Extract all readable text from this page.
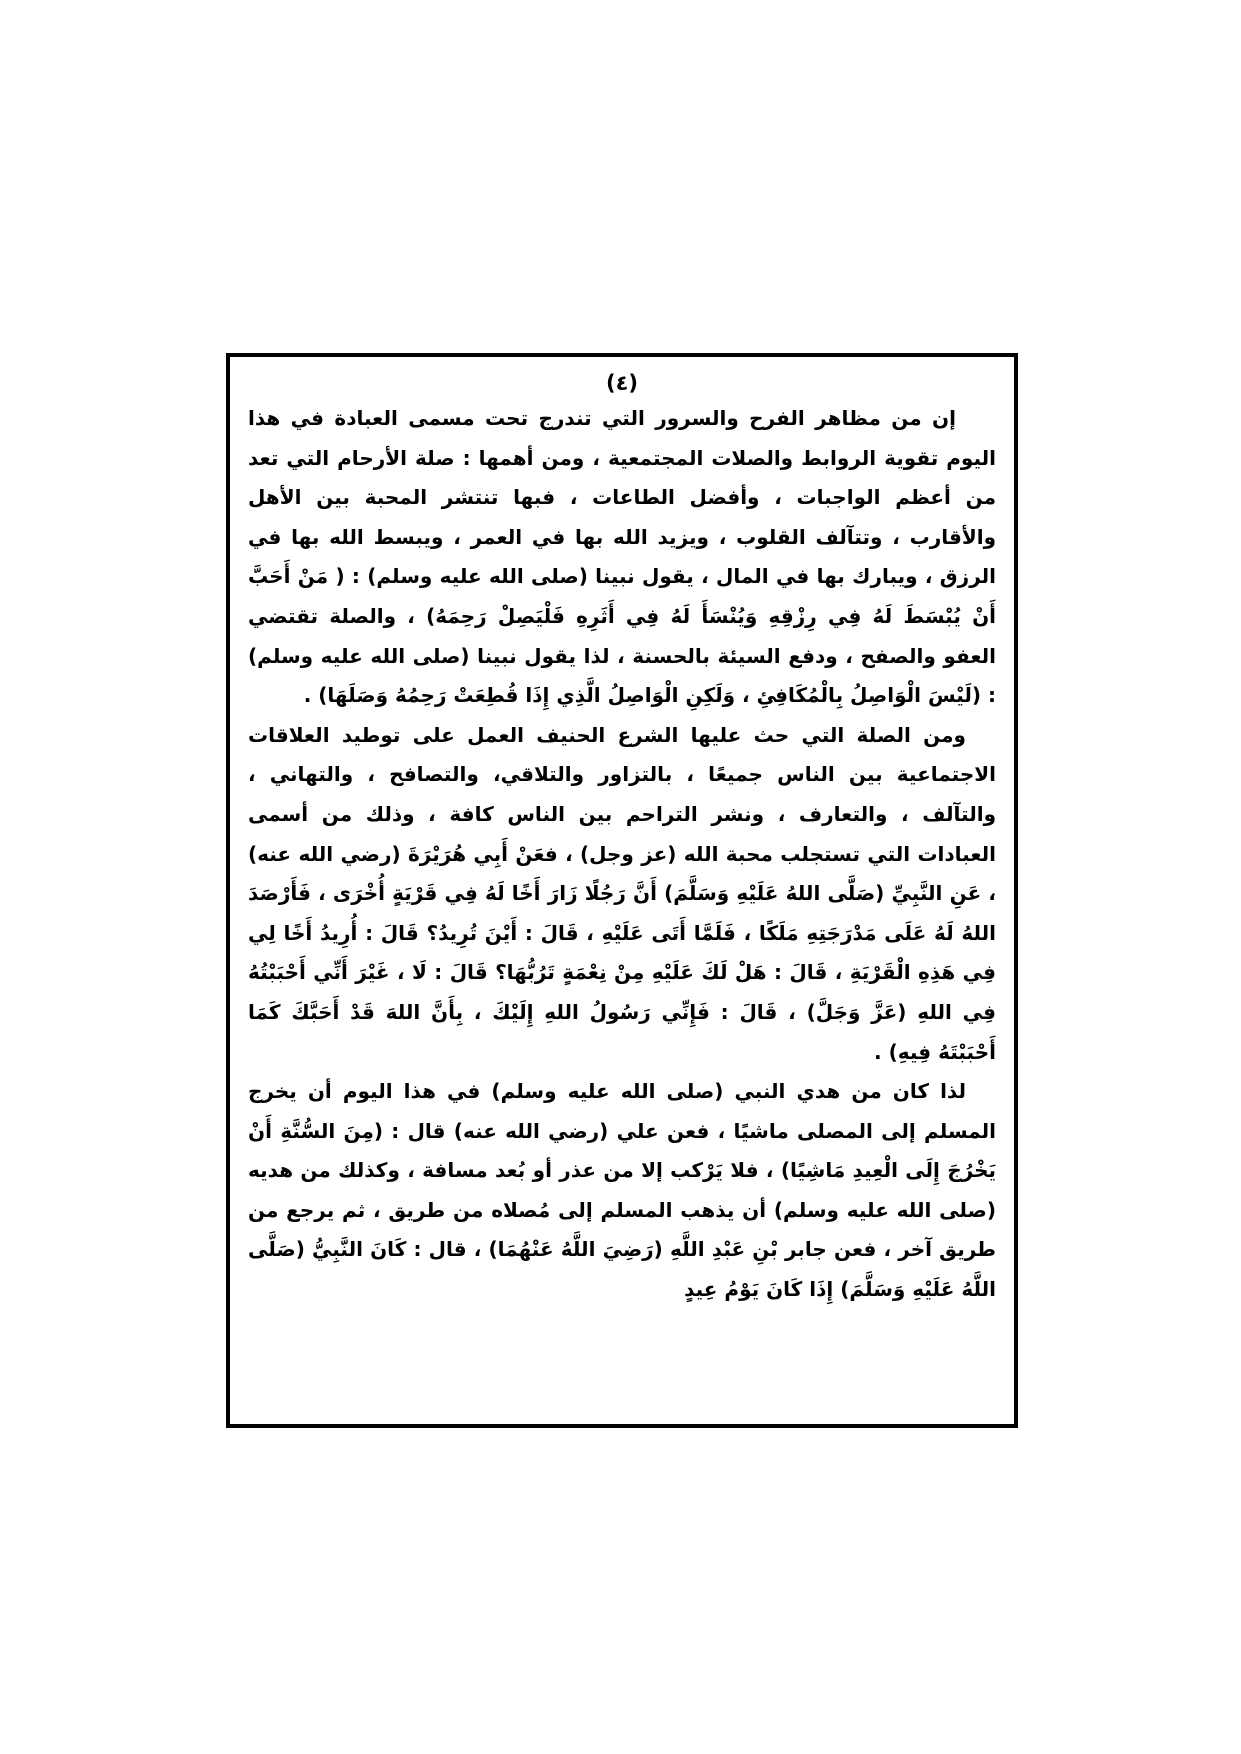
(٤)

إن من مظاهر الفرح والسرور التي تندرج تحت مسمى العبادة في هذا اليوم تقوية الروابط والصلات المجتمعية ، ومن أهمها : صلة الأرحام التي تعد من أعظم الواجبات ، وأفضل الطاعات ، فبها تنتشر المحبة بين الأهل والأقارب ، وتتآلف القلوب ، ويزيد الله بها في العمر ، ويبسط الله بها في الرزق ، ويبارك بها في المال ، يقول نبينا (صلى الله عليه وسلم) : ( مَنْ أَحَبَّ أَنْ يُبْسَطَ لَهُ فِي رِزْقِهِ وَيُنْسَأَ لَهُ فِي أَثَرِهِ فَلْيَصِلْ رَحِمَهُ) ، والصلة تقتضي العفو والصفح ، ودفع السيئة بالحسنة ، لذا يقول نبينا (صلى الله عليه وسلم) : (لَيْسَ الْوَاصِلُ بِالْمُكَافِئِ ، وَلَكِنِ الْوَاصِلُ الَّذِي إِذَا قُطِعَتْ رَحِمُهُ وَصَلَهَا) .

ومن الصلة التي حث عليها الشرع الحنيف العمل على توطيد العلاقات الاجتماعية بين الناس جميعًا ، بالتزاور والتلاقي، والتصافح ، والتهاني ، والتآلف ، والتعارف ، ونشر التراحم بين الناس كافة ، وذلك من أسمى العبادات التي تستجلب محبة الله (عز وجل) ، فعَنْ أَبِي هُرَيْرَةَ (رضي الله عنه) ، عَنِ النَّبِيِّ (صَلَّى اللهُ عَلَيْهِ وَسَلَّمَ) أَنَّ رَجُلًا زَارَ أَخًا لَهُ فِي قَرْيَةٍ أُخْرَى ، فَأَرْصَدَ اللهُ لَهُ عَلَى مَدْرَجَتِهِ مَلَكًا ، فَلَمَّا أَتَى عَلَيْهِ ، قَالَ : أَيْنَ تُرِيدُ؟ قَالَ : أُرِيدُ أَخًا لِي فِي هَذِهِ الْقَرْيَةِ ، قَالَ : هَلْ لَكَ عَلَيْهِ مِنْ نِعْمَةٍ تَرُبُّهَا؟ قَالَ : لَا ، غَيْرَ أَنِّي أَحْبَبْتُهُ فِي اللهِ (عَزَّ وَجَلَّ) ، قَالَ : فَإِنِّي رَسُولُ اللهِ إِلَيْكَ ، بِأَنَّ اللهَ قَدْ أَحَبَّكَ كَمَا أَحْبَبْتَهُ فِيهِ) .

لذا كان من هدي النبي (صلى الله عليه وسلم) في هذا اليوم أن يخرج المسلم إلى المصلى ماشيًا ، فعن علي (رضي الله عنه) قال : (مِنَ السُّنَّةِ أَنْ يَخْرُجَ إِلَى الْعِيدِ مَاشِيًا) ، فلا يَرْكب إلا من عذر أو بُعد مسافة ، وكذلك من هديه (صلى الله عليه وسلم) أن يذهب المسلم إلى مُصلاه من طريق ، ثم يرجع من طريق آخر ، فعن جابر بْنِ عَبْدِ اللَّهِ (رَضِيَ اللَّهُ عَنْهُمَا) ، قال : كَانَ النَّبِيُّ (صَلَّى اللَّهُ عَلَيْهِ وَسَلَّمَ) إِذَا كَانَ يَوْمُ عِيدٍ
